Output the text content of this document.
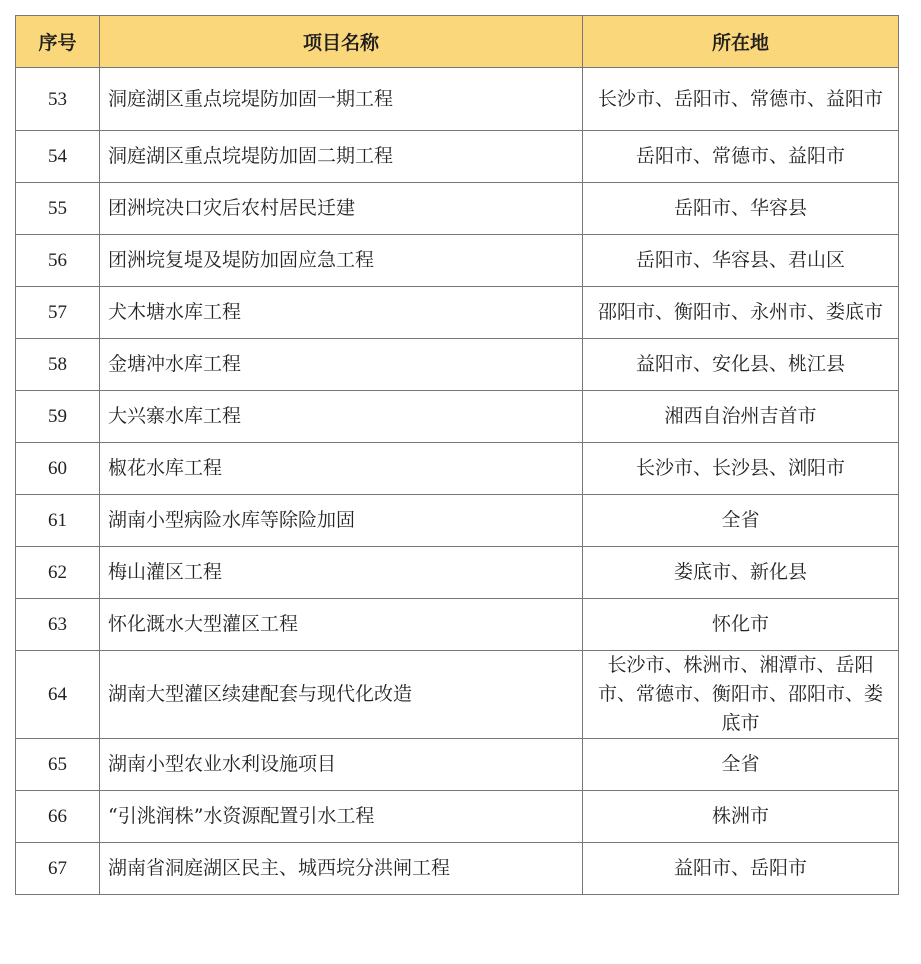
序号	项目名称	所在地
53	洞庭湖区重点垸堤防加固一期工程	长沙市、岳阳市、常德市、益阳市
54	洞庭湖区重点垸堤防加固二期工程	岳阳市、常德市、益阳市
55	团洲垸决口灾后农村居民迁建	岳阳市、华容县
56	团洲垸复堤及堤防加固应急工程	岳阳市、华容县、君山区
57	犬木塘水库工程	邵阳市、衡阳市、永州市、娄底市
58	金塘冲水库工程	益阳市、安化县、桃江县
59	大兴寨水库工程	湘西自治州吉首市
60	椒花水库工程	长沙市、长沙县、浏阳市
61	湖南小型病险水库等除险加固	全省
62	梅山灌区工程	娄底市、新化县
63	怀化溉水大型灌区工程	怀化市
64	湖南大型灌区续建配套与现代化改造	长沙市、株洲市、湘潭市、岳阳市、常德市、衡阳市、邵阳市、娄底市
65	湖南小型农业水利设施项目	全省
66	“引洮润株”水资源配置引水工程	株洲市
67	湖南省洞庭湖区民主、城西垸分洪闸工程	益阳市、岳阳市
